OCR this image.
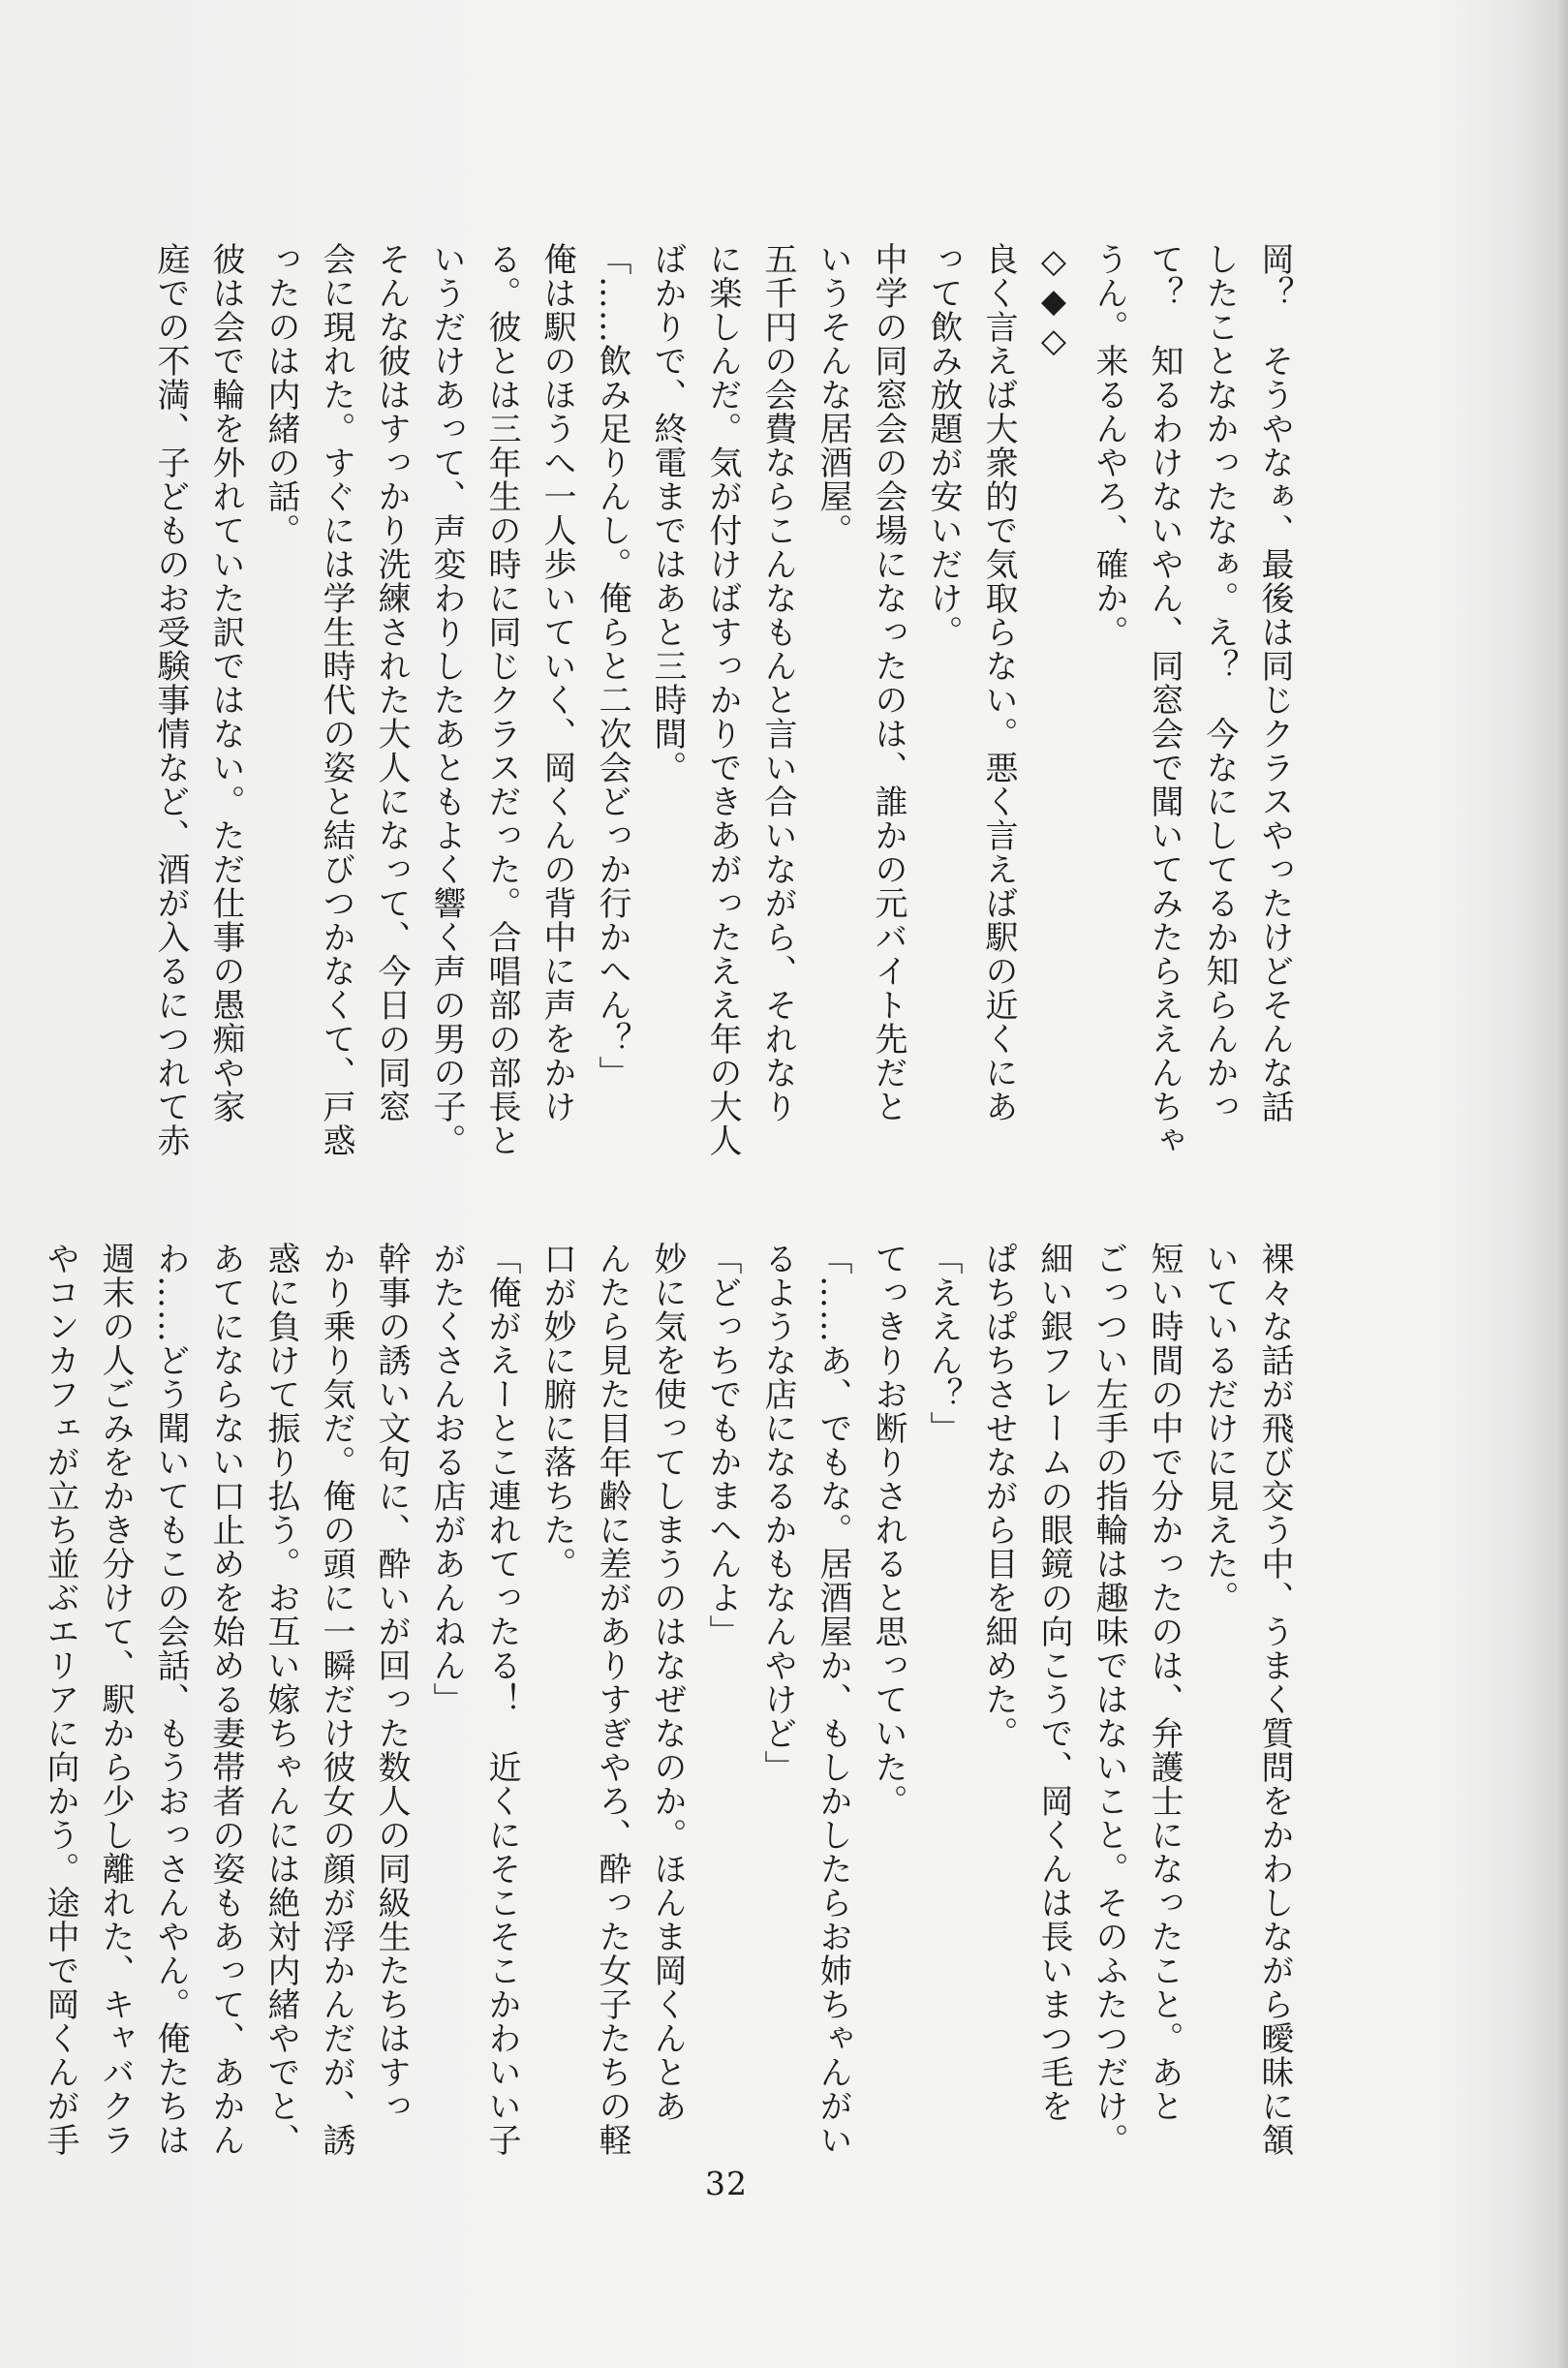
岡？　そうやなぁ、最後は同じクラスやったけどそんな話
したことなかったなぁ。え？　今なにしてるか知らんかっ
て？　知るわけないやん、同窓会で聞いてみたらええんちゃ
うん。来るんやろ、確か。
◇◆◇
良く言えば大衆的で気取らない。悪く言えば駅の近くにあ
って飲み放題が安いだけ。
中学の同窓会の会場になったのは、誰かの元バイト先だと
いうそんな居酒屋。
五千円の会費ならこんなもんと言い合いながら、それなり
に楽しんだ。気が付けばすっかりできあがったええ年の大人
ばかりで、終電まではあと三時間。
「……飲み足りんし。俺らと二次会どっか行かへん？」
俺は駅のほうへ一人歩いていく、岡くんの背中に声をかけ
る。彼とは三年生の時に同じクラスだった。合唱部の部長と
いうだけあって、声変わりしたあともよく響く声の男の子。
そんな彼はすっかり洗練された大人になって、今日の同窓
会に現れた。すぐには学生時代の姿と結びつかなくて、戸惑
ったのは内緒の話。
彼は会で輪を外れていた訳ではない。ただ仕事の愚痴や家
庭での不満、子どものお受験事情など、酒が入るにつれて赤
裸々な話が飛び交う中、うまく質問をかわしながら曖昧に頷
いているだけに見えた。
短い時間の中で分かったのは、弁護士になったこと。あと
ごっつい左手の指輪は趣味ではないこと。そのふたつだけ。
細い銀フレームの眼鏡の向こうで、岡くんは長いまつ毛を
ぱちぱちさせながら目を細めた。
「ええん？」
てっきりお断りされると思っていた。
「……あ、でもな。居酒屋か、もしかしたらお姉ちゃんがい
るような店になるかもなんやけど」
「どっちでもかまへんよ」
妙に気を使ってしまうのはなぜなのか。ほんま岡くんとあ
んたら見た目年齢に差がありすぎやろ、酔った女子たちの軽
口が妙に腑に落ちた。
「俺がえーとこ連れてったる！　近くにそこそこかわいい子
がたくさんおる店があんねん」
幹事の誘い文句に、酔いが回った数人の同級生たちはすっ
かり乗り気だ。俺の頭に一瞬だけ彼女の顔が浮かんだが、誘
惑に負けて振り払う。お互い嫁ちゃんには絶対内緒やでと、
あてにならない口止めを始める妻帯者の姿もあって、あかん
わ……どう聞いてもこの会話、もうおっさんやん。俺たちは
週末の人ごみをかき分けて、駅から少し離れた、キャバクラ
やコンカフェが立ち並ぶエリアに向かう。途中で岡くんが手
32
